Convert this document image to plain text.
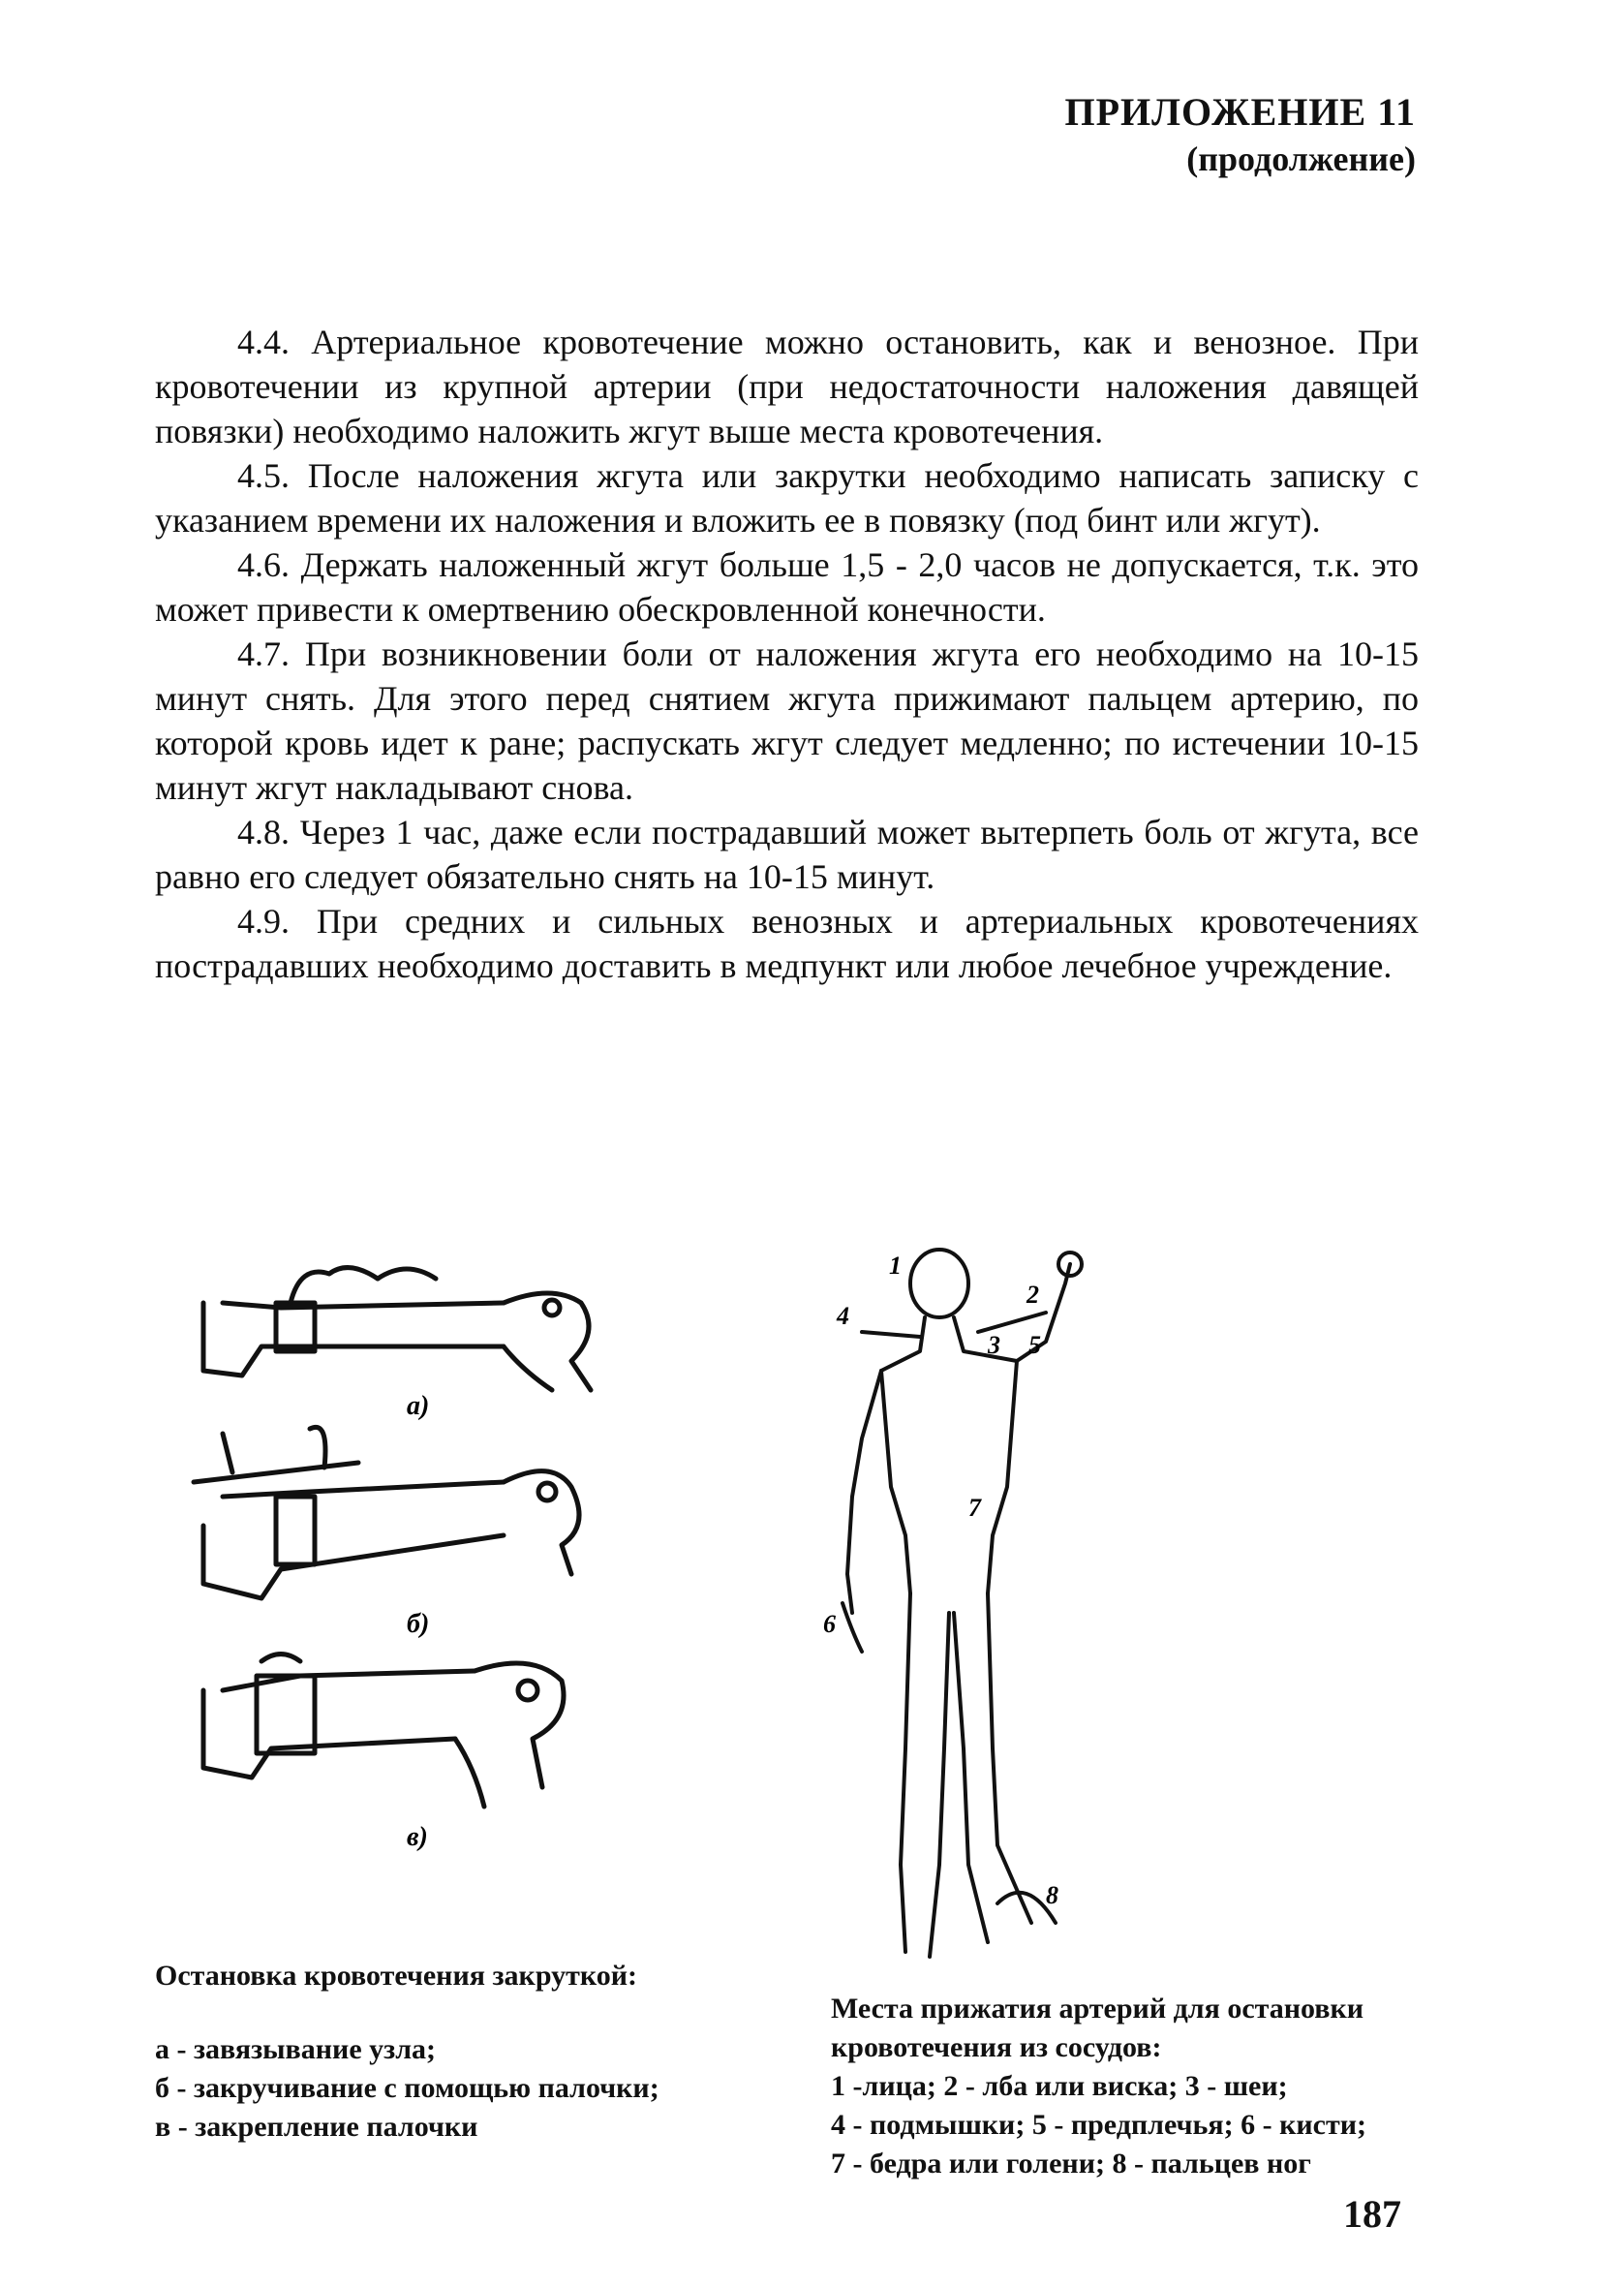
ПРИЛОЖЕНИЕ 11
(продолжение)

4.4. Артериальное кровотечение можно остановить, как и венозное. При кровотечении из крупной артерии (при недостаточности наложения давящей повязки) необходимо наложить жгут выше места кровотечения.

4.5. После наложения жгута или закрутки необходимо написать записку с указанием времени их наложения и вложить ее в повязку (под бинт или жгут).

4.6. Держать наложенный жгут больше 1,5 - 2,0 часов не допускается, т.к. это может привести к омертвению обескровленной конечности.

4.7. При возникновении боли от наложения жгута его необходимо на 10-15 минут снять. Для этого перед снятием жгута прижимают пальцем артерию, по которой кровь идет к ране; распускать жгут следует медленно; по истечении 10-15 минут жгут накладывают снова.

4.8. Через 1 час, даже если пострадавший может вытерпеть боль от жгута, все равно его следует обязательно снять на 10-15 минут.

4.9. При средних и сильных венозных и артериальных кровотечениях пострадавших необходимо доставить в медпункт или любое лечебное учреждение.

а)
б)
в)
1
2
3
4
5
6
7
8
Остановка кровотечения закруткой:
а - завязывание узла;
б - закручивание с помощью палочки;
в - закрепление палочки
Места прижатия артерий для остановки кровотечения из сосудов:
1 -лица; 2 - лба или виска; 3 - шеи;
4 - подмышки; 5 - предплечья; 6 - кисти;
7 - бедра или голени; 8 - пальцев ног
187
